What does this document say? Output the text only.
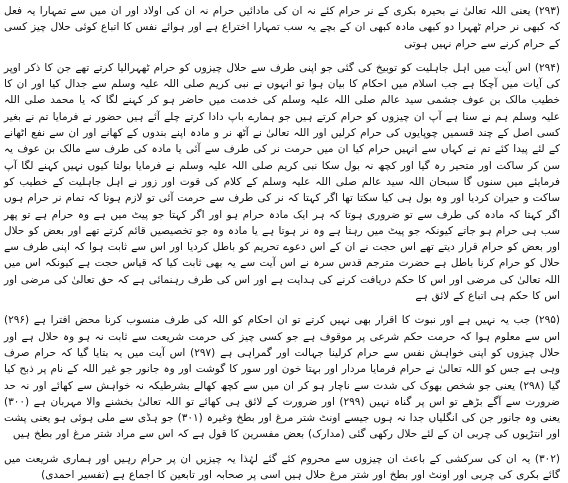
(۲۹۳) یعنی اللہ تعالیٰ نے بحیرہ بکری کے نر حرام کئے نہ ان کی مادائیں حرام نہ ان کی اولاد اور ان میں سے تمہارا یہ فعل کہ کبھی نر حرام ٹھہرا دو کبھی مادہ کبھی ان کے بچے یہ سب تمہارا اختراع ہے اور ہوائے نفس کا اتباع کوئی حلال چیز کسی کے حرام کرنے سے حرام نہیں ہوتی

(۲۹۴) اس آیت میں اہل جاہلیت کو توبیخ کی گئی جو اپنی طرف سے حلال چیزوں کو حرام ٹھہرالیا کرتے تھے جن کا ذکر اوپر کی آیات میں آچکا ہے جب اسلام میں احکام کا بیان ہوا تو انہوں نے نبی کریم صلی اللہ علیہ وسلم سے جدال کیا اور ان کا خطیب مالک بن عوف جشمی سید عالم صلی اللہ علیہ وسلم کی خدمت میں حاضر ہو کر کہنے لگا کہ یا محمد صلی اللہ علیہ وسلم ہم نے سنا ہے آپ ان چیزوں کو حرام کرتے ہیں جو ہمارے باپ دادا کرتے چلے آئے ہیں حضور نے فرمایا تم نے بغیر کسی اصل کے چند قسمیں چوپایوں کی حرام کرلیں اور اللہ تعالیٰ نے آٹھ نر و مادہ اپنے بندوں کے کھانے اور ان سے نفع اٹھانے کے لئے پیدا کئے تم نے کہاں سے انہیں حرام کیا ان میں حرمت نر کی طرف سے آئی یا مادہ کی طرف سے مالک بن عوف یہ سن کر ساکت اور متحیر رہ گیا اور کچھ نہ بول سکا نبی کریم صلی اللہ علیہ وسلم نے فرمایا بولتا کیوں نہیں کہنے لگا آپ فرمایئے میں سنوں گا سبحان اللہ سید عالم صلی اللہ علیہ وسلم کے کلام کی قوت اور زور نے اہل جاہلیت کے خطیب کو ساکت و حیران کردیا اور وہ بول ہی کیا سکتا تھا اگر کہتا کہ نر کی طرف سے حرمت آئی تو لازم ہوتا کہ تمام نر حرام ہوں اگر کہتا کہ مادہ کی طرف سے تو ضروری ہوتا کہ ہر ایک مادہ حرام ہو اور اگر کہتا جو پیٹ میں ہے وہ حرام ہے تو پھر سب ہی حرام ہو جاتے کیونکہ جو پیٹ میں رہتا ہے وہ نر ہوتا ہے یا مادہ وہ جو تخصیصیں قائم کرتے تھے اور بعض کو حلال اور بعض کو حرام قرار دیتے تھے اس حجت نے ان کے اس دعوے تحریم کو باطل کردیا اور اس سے ثابت ہوا کہ اپنی طرف سے حلال کو حرام کرنا باطل ہے حضرت مترجم قدس سرہ نے اس آیت سے یہ بھی ثابت کیا کہ قیاس حجت ہے کیونکہ اس میں اللہ تعالیٰ کی مرضی اور اس کا حکم دریافت کرنے کی ہدایت ہے اور اس کی طرف رہنمائی ہے کہ حق تعالیٰ کی مرضی اور اس کا حکم ہی اتباع کے لائق ہے

(۲۹۵) جب یہ نہیں ہے اور نبوت کا اقرار بھی نہیں کرتے تو ان احکام کو اللہ کی طرف منسوب کرنا محض افترا ہے (۲۹۶) اس سے معلوم ہوا کہ حرمت حکم شرعی پر موقوف ہے جو کسی چیز کی حرمت شریعت سے ثابت نہ ہو وہ حلال ہے اور حلال چیزوں کو اپنی خواہش نفس سے حرام کرلینا جہالت اور گمراہی ہے (۲۹۷) اس آیت میں یہ بتایا گیا کہ حرام صرف وہی ہے جس کو اللہ تعالیٰ نے حرام فرمایا مردار اور بہتا خون اور سور کا گوشت اور وہ جانور جو غیر اللہ کے نام پر ذبح کیا گیا (۲۹۸) یعنی جو شخص بھوک کی شدت سے ناچار ہو کر ان میں سے کچھ کھالے بشرطیکہ نہ خواہش سے کھائے اور نہ حد ضرورت سے آگے بڑھے تو اس پر گناہ نہیں (۲۹۹) اور ضرورت کے لائق ہی کھائے تو اللہ تعالیٰ بخشنے والا مہربان ہے (۳۰۰) یعنی وہ جانور جن کی انگلیاں جدا نہ ہوں جیسے اونٹ شتر مرغ اور بطخ وغیرہ (۳۰۱) جو ہڈی سے ملی ہوئی ہو یعنی پشت اور انتڑیوں کی چربی ان کے لئے حلال رکھی گئی (مدارک) بعض مفسرین کا قول ہے کہ اس سے مراد شتر مرغ اور بطخ ہیں

(۳۰۲) یہ ان کی سرکشی کے باعث ان چیزوں سے محروم کئے گئے لہٰذا یہ چیزیں ان پر حرام رہیں اور ہماری شریعت میں گائے بکری کی چربی اور اونٹ اور بطخ اور شتر مرغ حلال ہیں اسی پر صحابہ اور تابعین کا اجماع ہے (تفسیر احمدی)
